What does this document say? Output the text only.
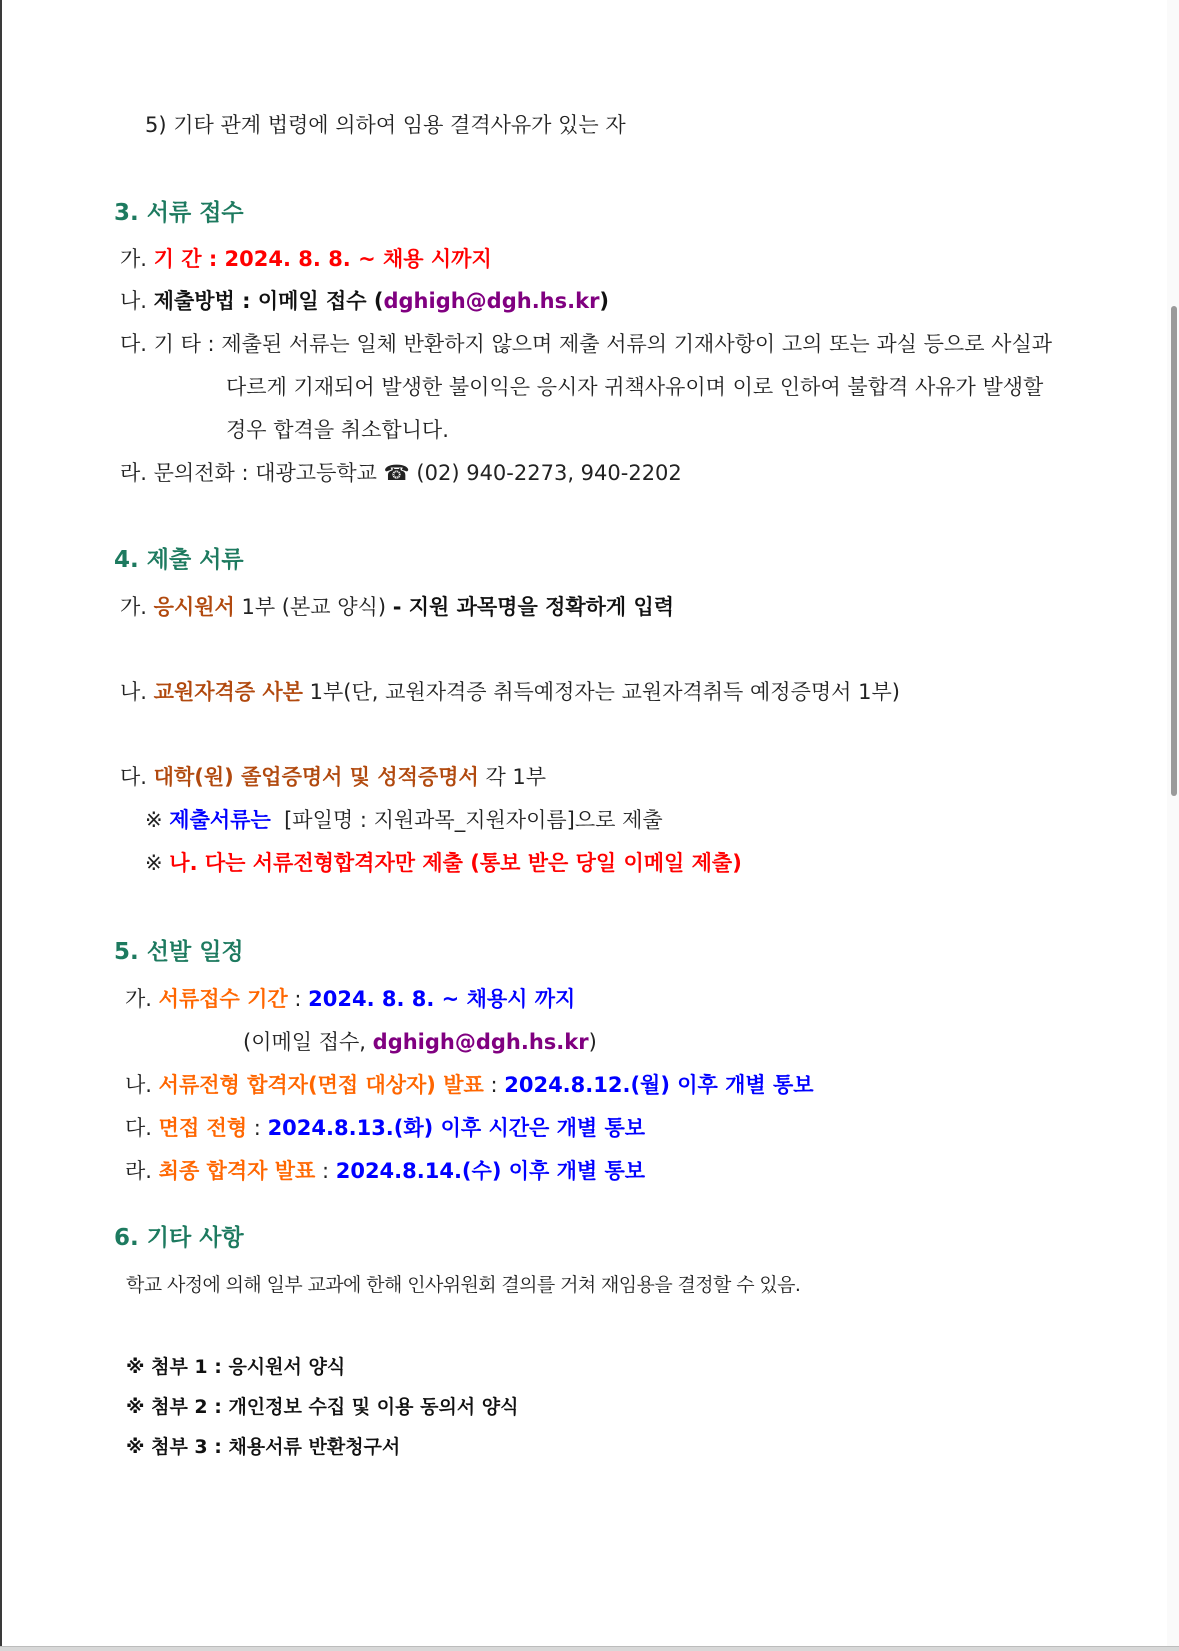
5) 기타 관계 법령에 의하여 임용 결격사유가 있는 자
3. 서류 접수
가. 기 간 : 2024. 8. 8. ~ 채용 시까지
나. 제출방법 : 이메일 접수 (dghigh@dgh.hs.kr)
다. 기 타 : 제출된 서류는 일체 반환하지 않으며 제출 서류의 기재사항이 고의 또는 과실 등으로 사실과
다르게 기재되어 발생한 불이익은 응시자 귀책사유이며 이로 인하여 불합격 사유가 발생할
경우 합격을 취소합니다.
라. 문의전화 : 대광고등학교 ☎ (02) 940-2273, 940-2202
4. 제출 서류
가. 응시원서 1부 (본교 양식) - 지원 과목명을 정확하게 입력
나. 교원자격증 사본 1부(단, 교원자격증 취득예정자는 교원자격취득 예정증명서 1부)
다. 대학(원) 졸업증명서 및 성적증명서 각 1부
※ 제출서류는 [파일명 : 지원과목_지원자이름]으로 제출
※ 나. 다는 서류전형합격자만 제출 (통보 받은 당일 이메일 제출)
5. 선발 일정
가. 서류접수 기간 : 2024. 8. 8. ~ 채용시 까지
(이메일 접수, dghigh@dgh.hs.kr)
나. 서류전형 합격자(면접 대상자) 발표 : 2024.8.12.(월) 이후 개별 통보
다. 면접 전형 : 2024.8.13.(화) 이후 시간은 개별 통보
라. 최종 합격자 발표 : 2024.8.14.(수) 이후 개별 통보
6. 기타 사항
학교 사정에 의해 일부 교과에 한해 인사위원회 결의를 거쳐 재임용을 결정할 수 있음.
※ 첨부 1 : 응시원서 양식
※ 첨부 2 : 개인정보 수집 및 이용 동의서 양식
※ 첨부 3 : 채용서류 반환청구서
